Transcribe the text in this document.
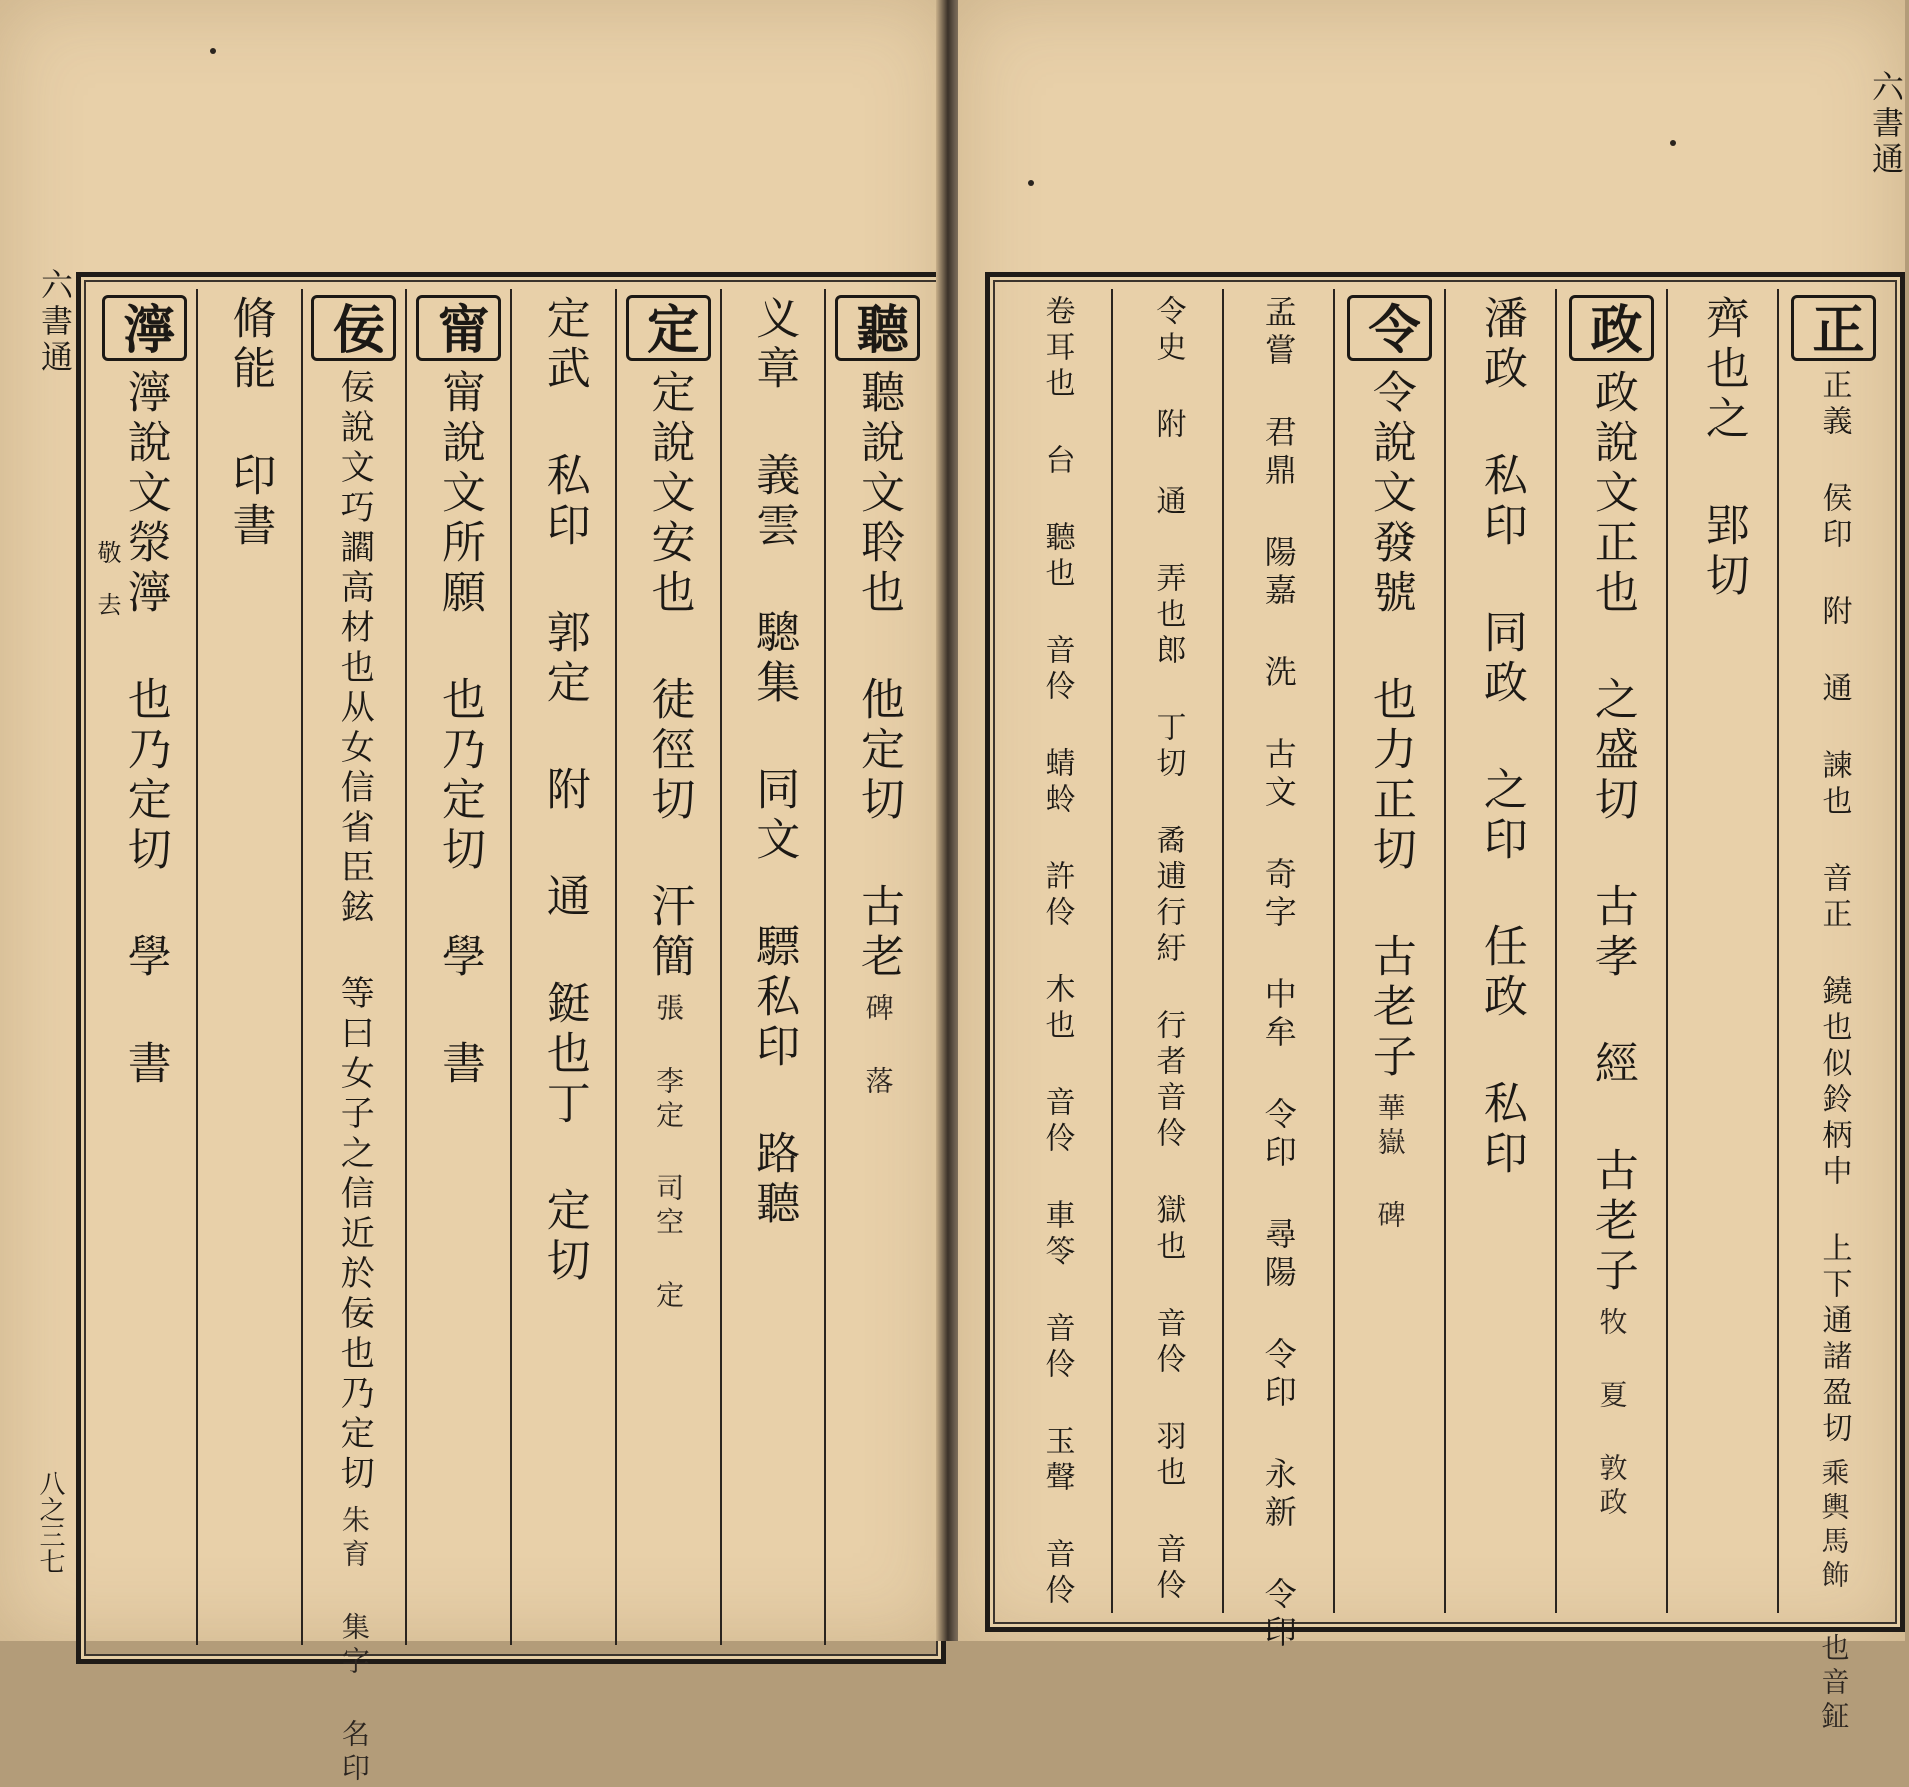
六書通
八之三七
敬 去
聽
聽說文聆也 他定切 古老
碑 落
义章 義雲 驄集 同文 驃私印 路聽
定
定說文安也 徒徑切 汗簡
張 李定 司空 定
定武 私印 郭定 附 通 鋌也丁 定切
甯
甯說文所願 也乃定切 學 書
佞
佞說文巧讇高材也从女信省臣鉉 等曰女子之信近於佞也乃定切
朱育 集字 名印
脩能 印書
濘
濘說文滎濘 也乃定切 學 書
六書通
正
正義 侯印 附 通 諫也 音正 鐃也似鈴柄中 上下通諸盈切
乘輿馬飾 也音鉦
齊也之 郢切
政
政說文正也 之盛切 古孝 經 古老子
牧 夏 敦政
潘政 私印 同政 之印 任政 私印
令
令說文發號 也力正切 古老子
華嶽 碑
孟嘗 君鼎 陽嘉 洗 古文 奇字 中牟 令印 尋陽 令印 永新 令印
令史 附 通 弄也郎 丁切 矞逋行紆 行者音伶 獄也 音伶 羽也 音伶
卷耳也 台 聽也 音伶 蜻蛉 許伶 木也 音伶 車笭 音伶 玉聲 音伶
